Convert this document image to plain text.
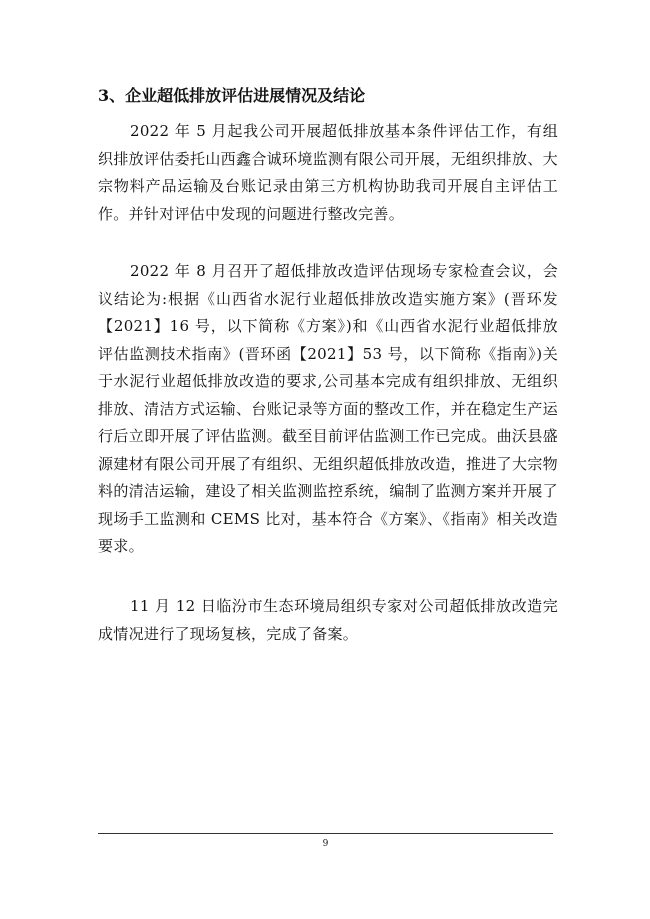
3、企业超低排放评估进展情况及结论

2022 年 5 月起我公司开展超低排放基本条件评估工作，有组织排放评估委托山西鑫合诚环境监测有限公司开展，无组织排放、大宗物料产品运输及台账记录由第三方机构协助我司开展自主评估工作。并针对评估中发现的问题进行整改完善。

2022 年 8 月召开了超低排放改造评估现场专家检查会议，会议结论为:根据《山西省水泥行业超低排放改造实施方案》(晋环发【2021】16 号，以下简称《方案》)和《山西省水泥行业超低排放评估监测技术指南》(晋环函【2021】53 号，以下简称《指南》)关于水泥行业超低排放改造的要求,公司基本完成有组织排放、无组织排放、清洁方式运输、台账记录等方面的整改工作，并在稳定生产运行后立即开展了评估监测。截至目前评估监测工作已完成。曲沃县盛源建材有限公司开展了有组织、无组织超低排放改造，推进了大宗物料的清洁运输，建设了相关监测监控系统，编制了监测方案并开展了现场手工监测和 CEMS 比对，基本符合《方案》、《指南》相关改造要求。

11 月 12 日临汾市生态环境局组织专家对公司超低排放改造完成情况进行了现场复核，完成了备案。

9
